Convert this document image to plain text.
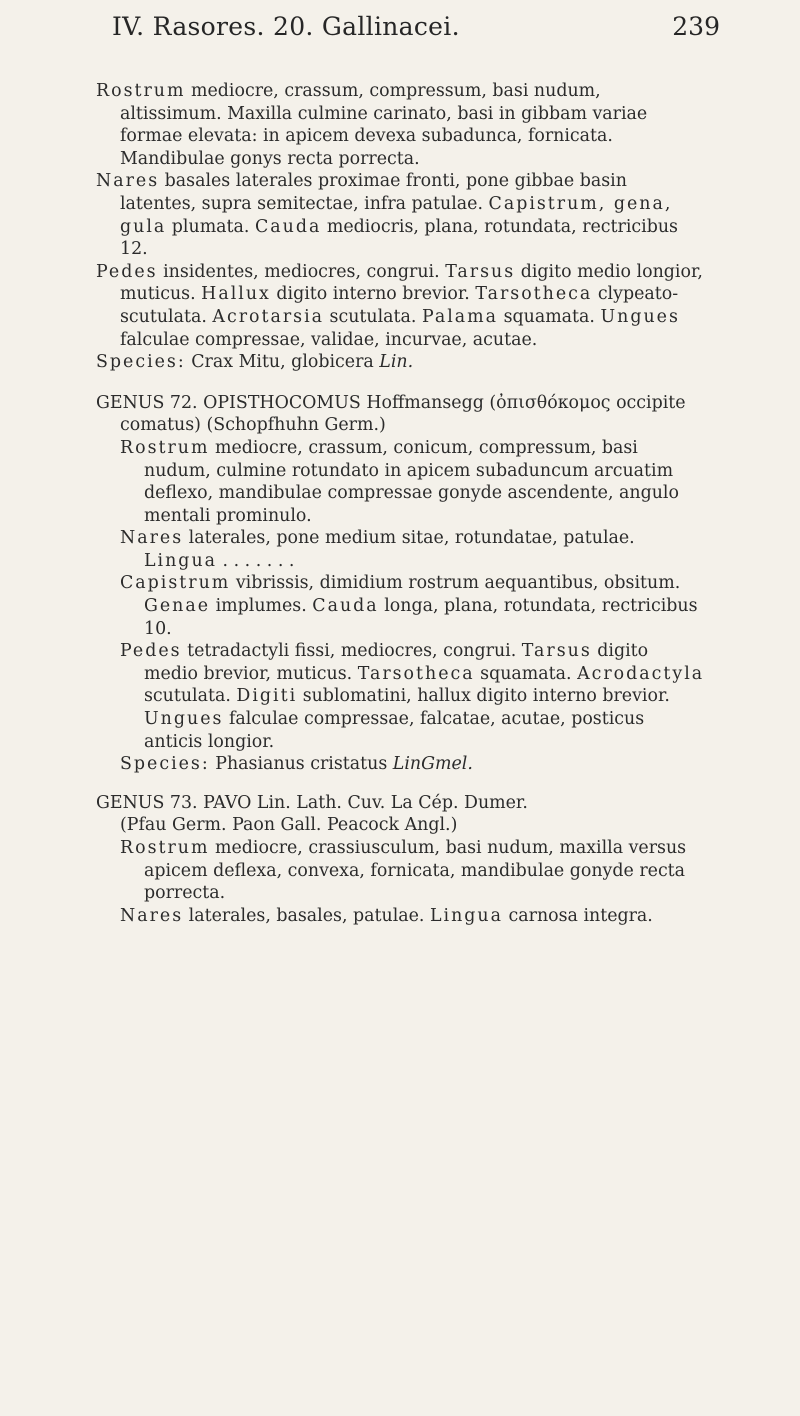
IV. Rasores. 20. Gallinacei.	239

Rostrum mediocre, crassum, compressum, basi nudum, altissimum. Maxilla culmine carinato, basi in gibbam variae formae elevata: in apicem devexa subadunca, fornicata. Mandibulae gonys recta porrecta.

Nares basales laterales proximae fronti, pone gibbae basin latentes, supra semitectae, infra patulae. Capistrum, gena, gula plumata. Cauda mediocris, plana, rotundata, rectricibus 12.

Pedes insidentes, mediocres, congrui. Tarsus digito medio longior, muticus. Hallux digito interno brevior. Tarsotheca clypeato-scutulata. Acrotarsia scutulata. Palama squamata. Ungues falculae compressae, validae, incurvae, acutae.

Species: Crax Mitu, globicera Lin.

GENUS 72. OPISTHOCOMUS Hoffmansegg (ὀπισθόκομος occipite comatus) (Schopfhuhn Germ.)

Rostrum mediocre, crassum, conicum, compressum, basi nudum, culmine rotundato in apicem subaduncum arcuatim deflexo, mandibulae compressae gonyde ascendente, angulo mentali prominulo.

Nares laterales, pone medium sitae, rotundatae, patulae. Lingua . . . . . . .

Capistrum vibrissis, dimidium rostrum aequantibus, obsitum. Genae implumes. Cauda longa, plana, rotundata, rectricibus 10.

Pedes tetradactyli fissi, mediocres, congrui. Tarsus digito medio brevior, muticus. Tarsotheca squamata. Acrodactyla scutulata. Digiti sublomatini, hallux digito interno brevior. Ungues falculae compressae, falcatae, acutae, posticus anticis longior.

Species: Phasianus cristatus LinGmel.

GENUS 73. PAVO Lin. Lath. Cuv. La Cép. Dumer.

(Pfau Germ. Paon Gall. Peacock Angl.)

Rostrum mediocre, crassiusculum, basi nudum, maxilla versus apicem deflexa, convexa, fornicata, mandibulae gonyde recta porrecta.

Nares laterales, basales, patulae. Lingua carnosa integra.
